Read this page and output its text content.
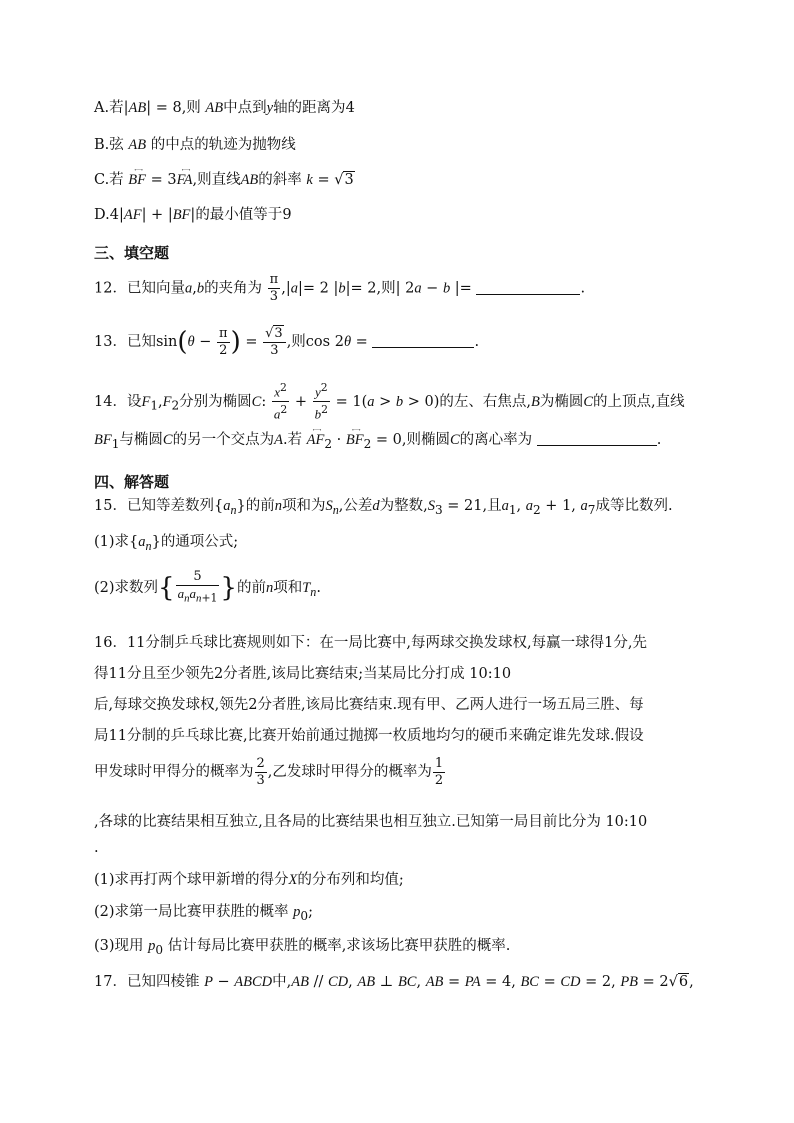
A.若|AB| = 8,则 AB中点到y轴的距离为4
B.弦 AB 的中点的轨迹为抛物线
C.若 ←→ BF = 3←→ FA,则直线AB的斜率 k = √3
D.4|AF| + |BF|的最小值等于9
三、填空题
12．已知向量a,b的夹角为 $\frac{\pi}{3} ,|a|= 2$ |b|= 2,则| 2a − b |=	.
13．已知$\sin(\theta - \frac{\pi}{2}$ ) = $\frac{√3}{3}$ ,则cos 2θ =	.
14．设$F_1,F_2$分别为椭圆C: $\frac{x^2}{a^2} + \frac{y^2}{b^2} = 1(a > b > 0)$的左、右焦点,B为椭圆C的上顶点,直线
$BF_1$与椭圆C的另一个交点为A.若 ←→ $AF_2$ · ←→ $BF_2 = 0$,则椭圆C的离心率为	.
四、解答题
15．已知等差数列$\{a_n\}$的前n项和为$S_n$,公差d为整数$,S_3 = 21$,且$a_1$, $a_2 + 1$, $a_7$成等比数列.
(1)求$\{a_n\}$的通项公式;
(2)求数列{ $\frac{5}{a_na_{n+1}}$ }的前n项和$T_n$.
16．11分制乒乓球比赛规则如下：在一局比赛中,每两球交换发球权,每赢一球得1分,先
得11分且至少领先2分者胜,该局比赛结束;当某局比分打成 10:10
后,每球交换发球权,领先2分者胜,该局比赛结束.现有甲、乙两人进行一场五局三胜、每
局11分制的乒乓球比赛,比赛开始前通过抛掷一枚质地均匀的硬币来确定谁先发球.假设
甲发球时甲得分的概率为 $\frac{2}{3}$ ,乙发球时甲得分的概率为 $\frac{1}{2}$
,各球的比赛结果相互独立,且各局的比赛结果也相互独立.已知第一局目前比分为 10:10
.
(1)求再打两个球甲新增的得分X的分布列和均值;
(2)求第一局比赛甲获胜的概率 $p_0$;
(3)现用 $p_0$ 估计每局比赛甲获胜的概率,求该场比赛甲获胜的概率.
17．已知四棱锥 P − ABCD中,AB // CD, AB ⊥ BC, AB = PA = 4, BC = CD = 2, PB = 2√6,
